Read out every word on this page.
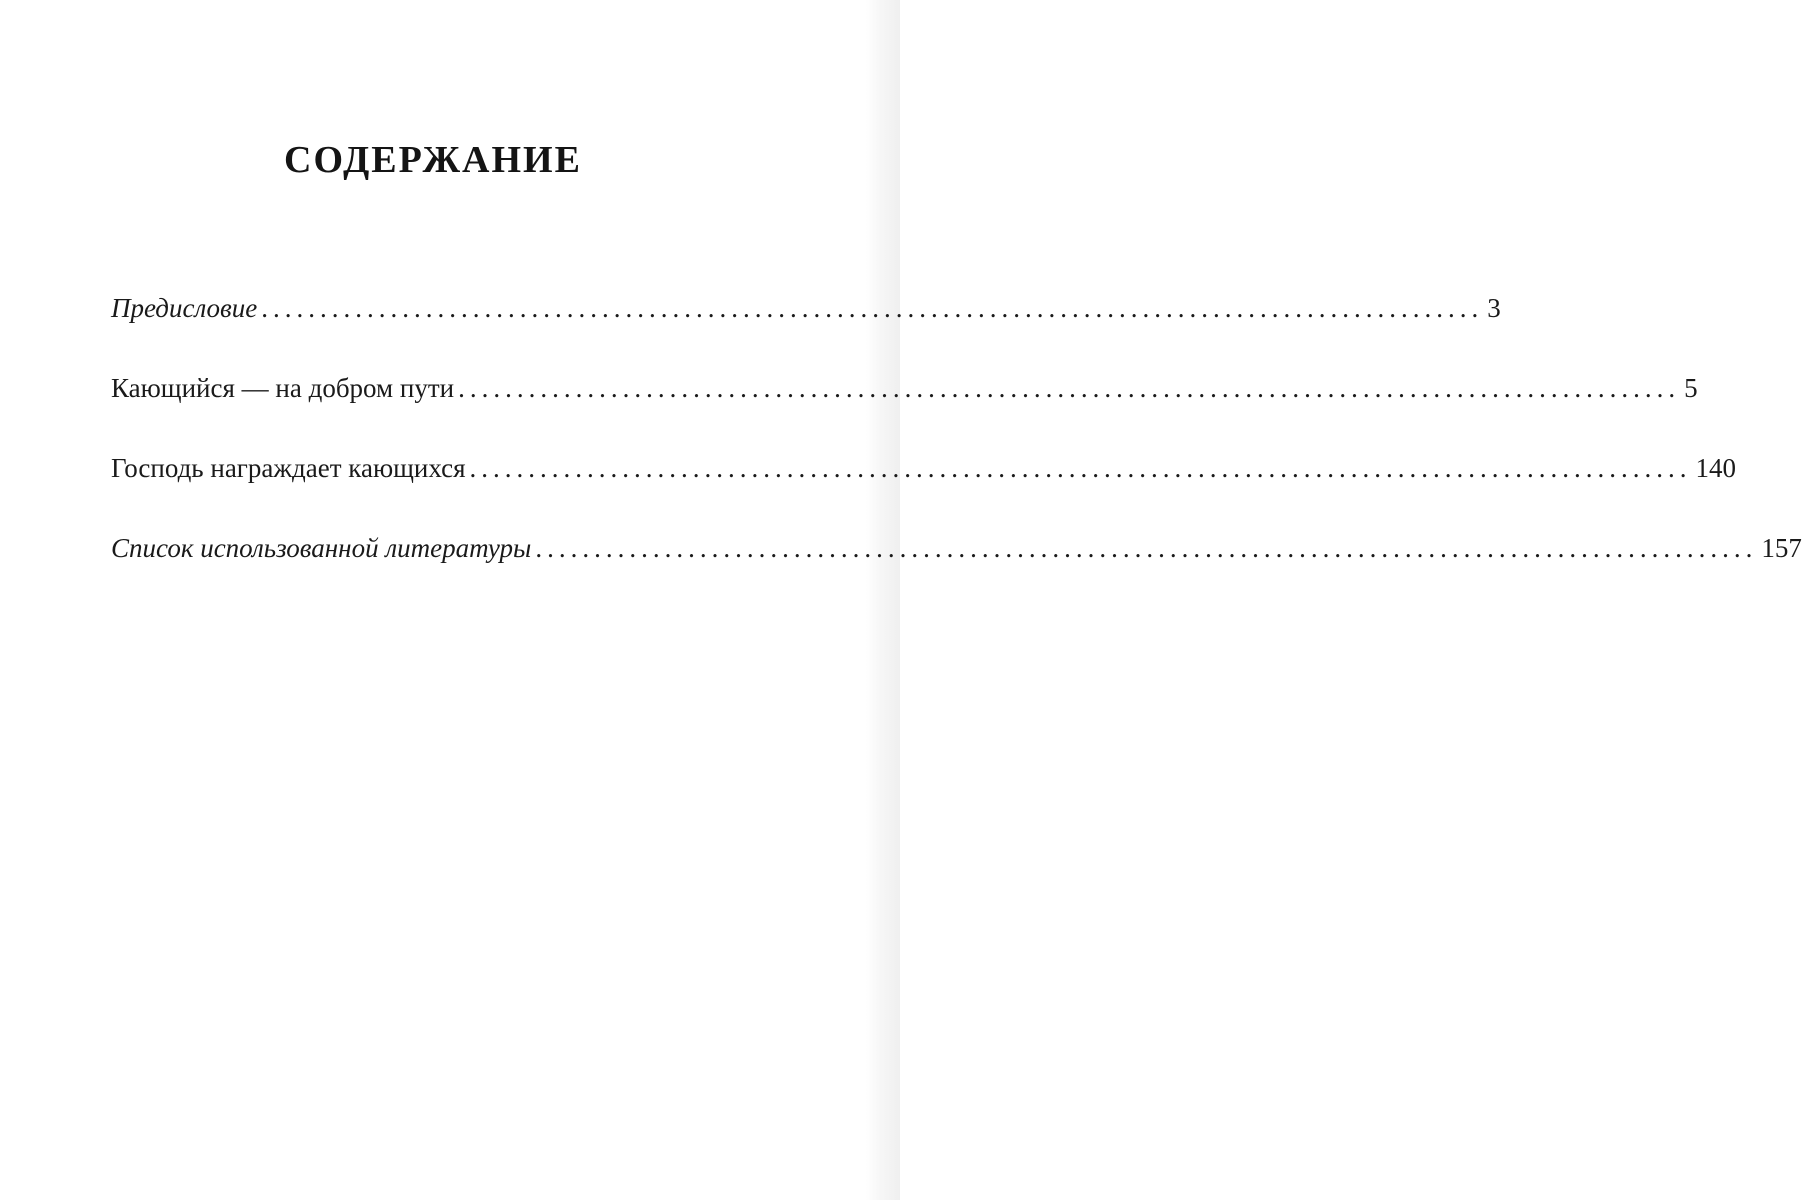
СОДЕРЖАНИЕ
Предисловие ........................................................................................................ 3
Кающийся — на добром пути ........................................................................................................ 5
Господь награждает кающихся ........................................................................................................ 140
Список использованной литературы ........................................................................................................ 157
